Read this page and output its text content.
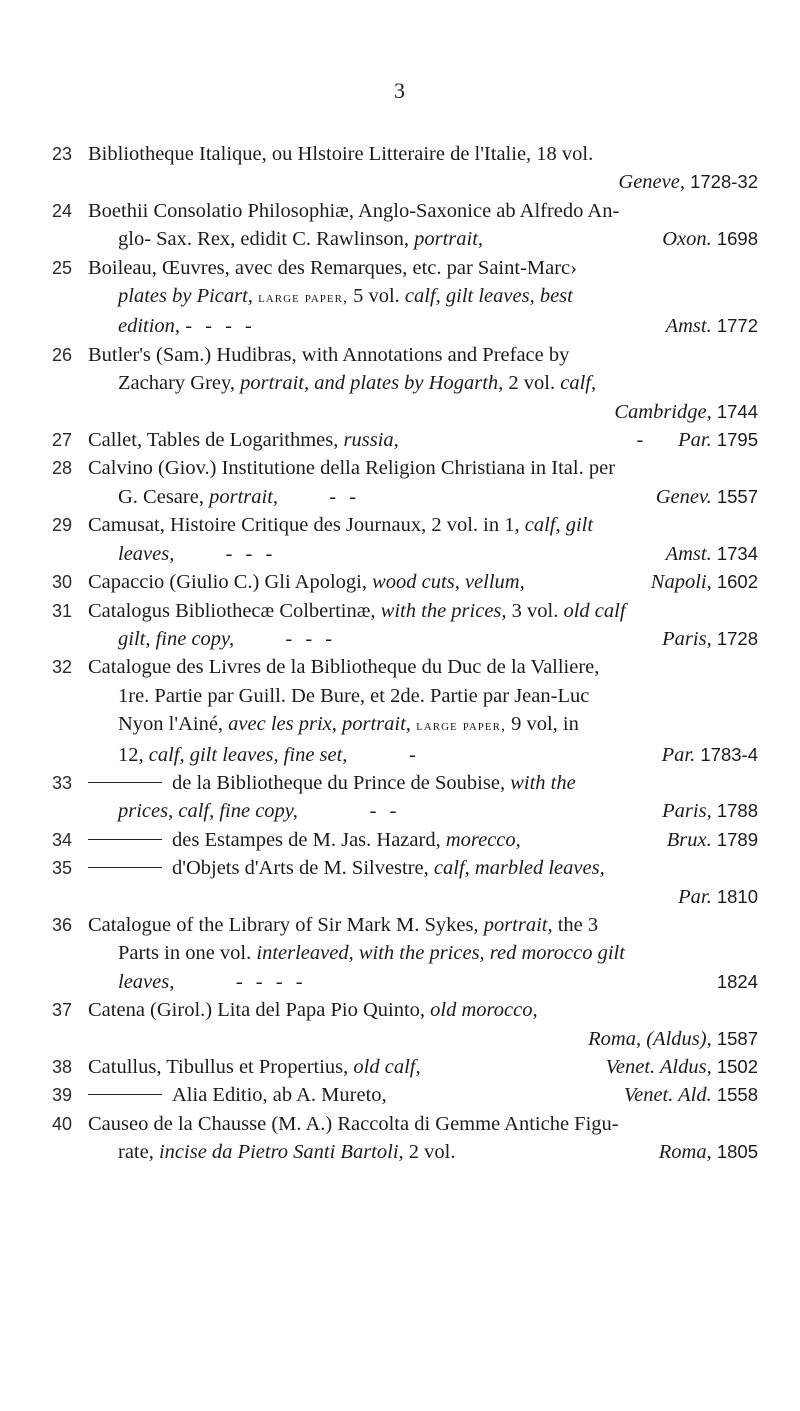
3
23 Bibliotheque Italique, ou Hlstoire Litteraire de l'Italie, 18 vol.
Geneve, 1728-32
24 Boethii Consolatio Philosophiæ, Anglo-Saxonice ab Alfredo An-
glo- Sax. Rex, edidit C. Rawlinson, portrait,	Oxon. 1698
25 Boileau, Œuvres, avec des Remarques, etc. par Saint-Marc›
plates by Picart, large paper, 5 vol. calf, gilt leaves, best
edition, - - - -	Amst. 1772
26 Butler's (Sam.) Hudibras, with Annotations and Preface by
Zachary Grey, portrait, and plates by Hogarth, 2 vol. calf,
Cambridge, 1744
27 Callet, Tables de Logarithmes, russia,	- Par. 1795
28 Calvino (Giov.) Institutione della Religion Christiana in Ital. per
G. Cesare, portrait,	- -	Genev. 1557
29 Camusat, Histoire Critique des Journaux, 2 vol. in 1, calf, gilt
leaves,	- - -	Amst. 1734
30 Capaccio (Giulio C.) Gli Apologi, wood cuts, vellum,	Napoli, 1602
31 Catalogus Bibliothecæ Colbertinæ, with the prices, 3 vol. old calf
gilt, fine copy,	- - -	Paris, 1728
32 Catalogue des Livres de la Bibliotheque du Duc de la Valliere,
1re. Partie par Guill. De Bure, et 2de. Partie par Jean-Luc
Nyon l'Ainé, avec les prix, portrait, large paper, 9 vol, in
12, calf, gilt leaves, fine set,	-	Par. 1783-4
33	de la Bibliotheque du Prince de Soubise, with the
prices, calf, fine copy,	- -	Paris, 1788
34	des Estampes de M. Jas. Hazard, morecco,	Brux. 1789
35	d'Objets d'Arts de M. Silvestre, calf, marbled leaves,
Par. 1810
36 Catalogue of the Library of Sir Mark M. Sykes, portrait, the 3
Parts in one vol. interleaved, with the prices, red morocco gilt
leaves,	- - - -	1824
37 Catena (Girol.) Lita del Papa Pio Quinto, old morocco,
Roma, (Aldus), 1587
38 Catullus, Tibullus et Propertius, old calf,	Venet. Aldus, 1502
39	Alia Editio, ab A. Mureto,	Venet. Ald. 1558
40 Causeo de la Chausse (M. A.) Raccolta di Gemme Antiche Figu-
rate, incise da Pietro Santi Bartoli, 2 vol.	Roma, 1805
